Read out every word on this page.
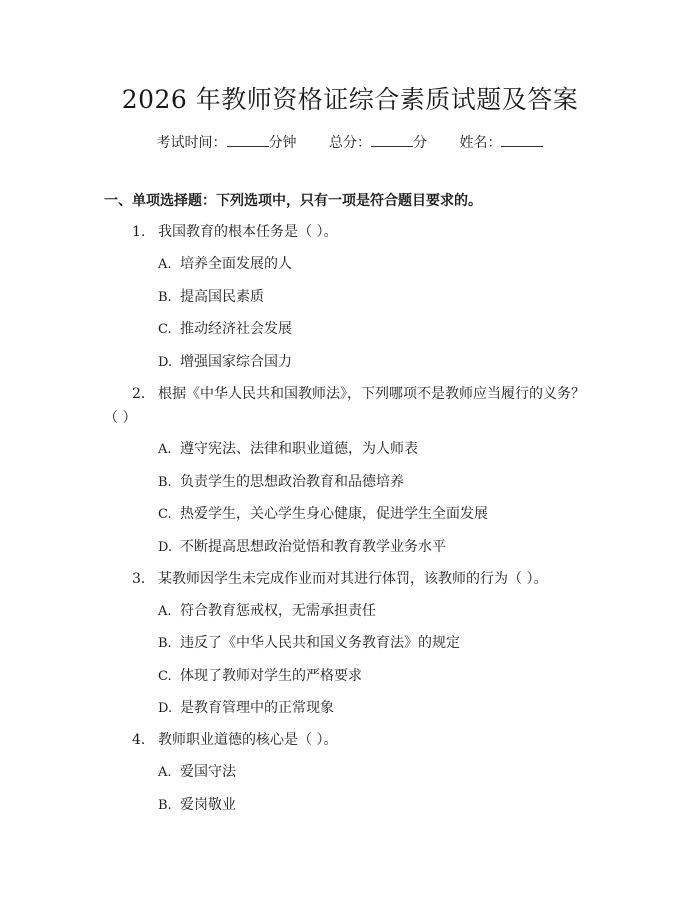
2026 年教师资格证综合素质试题及答案
考试时间：	分钟 总分：	分 姓名：
一、单项选择题：下列选项中，只有一项是符合题目要求的。
1. 我国教育的根本任务是（ ）。
A. 培养全面发展的人
B. 提高国民素质
C. 推动经济社会发展
D. 增强国家综合国力
2. 根据《中华人民共和国教师法》，下列哪项不是教师应当履行的义务？
（ ）
A. 遵守宪法、法律和职业道德，为人师表
B. 负责学生的思想政治教育和品德培养
C. 热爱学生，关心学生身心健康，促进学生全面发展
D. 不断提高思想政治觉悟和教育教学业务水平
3. 某教师因学生未完成作业而对其进行体罚，该教师的行为（ ）。
A. 符合教育惩戒权，无需承担责任
B. 违反了《中华人民共和国义务教育法》的规定
C. 体现了教师对学生的严格要求
D. 是教育管理中的正常现象
4. 教师职业道德的核心是（ ）。
A. 爱国守法
B. 爱岗敬业
